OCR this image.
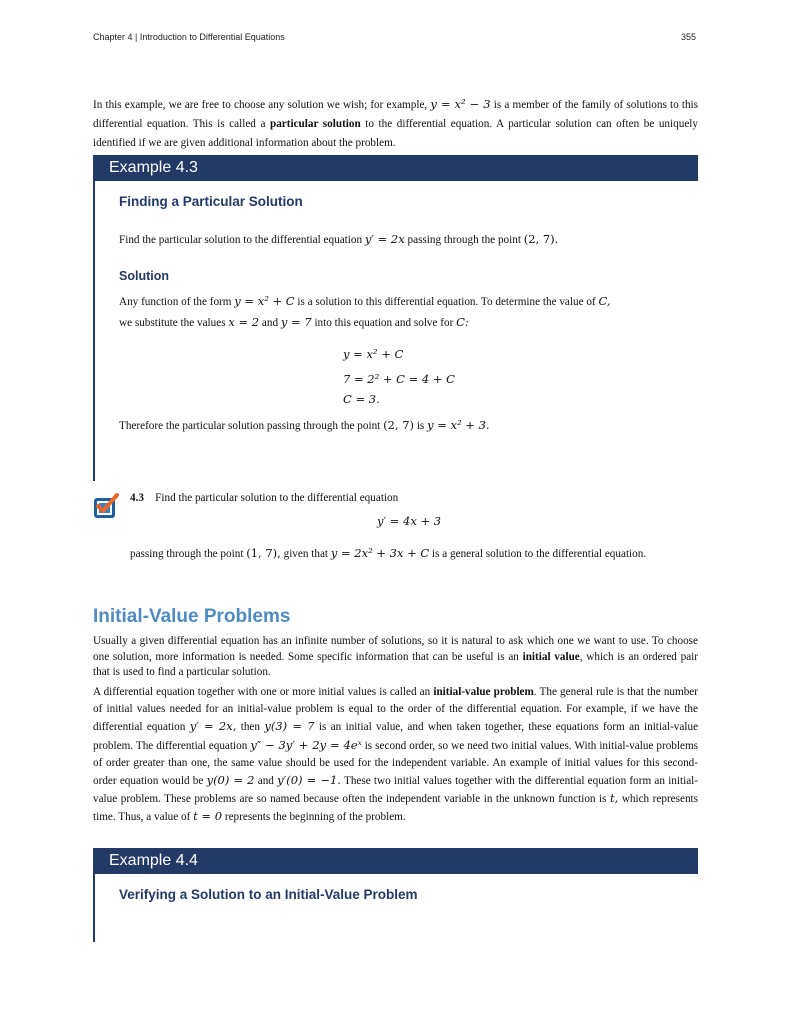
Chapter 4 | Introduction to Differential Equations	355
In this example, we are free to choose any solution we wish; for example, y = x² − 3 is a member of the family of solutions to this differential equation. This is called a particular solution to the differential equation. A particular solution can often be uniquely identified if we are given additional information about the problem.
Example 4.3
Finding a Particular Solution
Find the particular solution to the differential equation y′ = 2x passing through the point (2, 7).
Solution
Any function of the form y = x² + C is a solution to this differential equation. To determine the value of C,
we substitute the values x = 2 and y = 7 into this equation and solve for C:
y = x² + C
7 = 2² + C = 4 + C
C = 3.
Therefore the particular solution passing through the point (2, 7) is y = x² + 3.
4.3 Find the particular solution to the differential equation
y′ = 4x + 3
passing through the point (1, 7), given that y = 2x² + 3x + C is a general solution to the differential equation.
Initial-Value Problems
Usually a given differential equation has an infinite number of solutions, so it is natural to ask which one we want to use. To choose one solution, more information is needed. Some specific information that can be useful is an initial value, which is an ordered pair that is used to find a particular solution.
A differential equation together with one or more initial values is called an initial-value problem. The general rule is that the number of initial values needed for an initial-value problem is equal to the order of the differential equation. For example, if we have the differential equation y′ = 2x, then y(3) = 7 is an initial value, and when taken together, these equations form an initial-value problem. The differential equation y″ − 3y′ + 2y = 4eˣ is second order, so we need two initial values. With initial-value problems of order greater than one, the same value should be used for the independent variable. An example of initial values for this second-order equation would be y(0) = 2 and y′(0) = −1. These two initial values together with the differential equation form an initial-value problem. These problems are so named because often the independent variable in the unknown function is t, which represents time. Thus, a value of t = 0 represents the beginning of the problem.
Example 4.4
Verifying a Solution to an Initial-Value Problem
